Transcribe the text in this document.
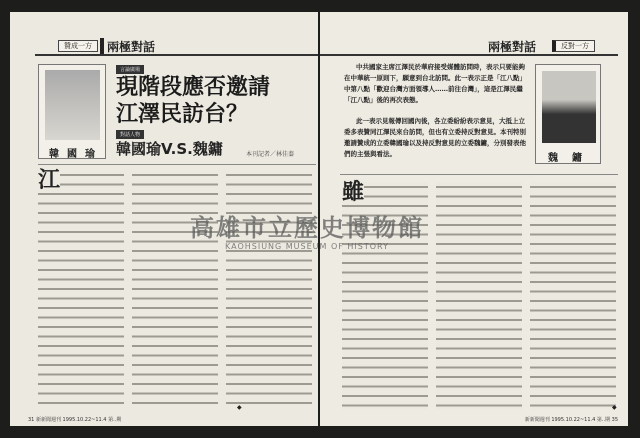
贊成一方	兩極對話
韓國瑜
言論廣場
現階段應否邀請
江澤民訪台？
對話人物
韓國瑜V.S.魏鏞	本刊記者／林佳蓁
江
◆
31 新新聞週刊 1995.10.22~11.4 第..期
兩極對話	反對一方
中共國家主席江澤民於華府接受媒體訪問時，表示只要能夠在中華統一原則下，願意到台北訪問。此一表示正是「江八點」中第八點「歡迎台灣方面領導人……前往台灣」，這是江澤民繼「江八點」後的再次表態。
此一表示見報傳回國內後，各立委紛紛表示意見，大抵上立委多表贊同江澤民來台訪問，但也有立委持反對意見。本刊特別邀請贊成的立委韓國瑜以及持反對意見的立委魏鏞，分別發表他們的主張與看法。	魏鏞
雖
◆
新新聞週刊 1995.10.22~11.4 第..期 35
高雄市立歷史博物館
KAOHSIUNG MUSEUM OF HISTORY
